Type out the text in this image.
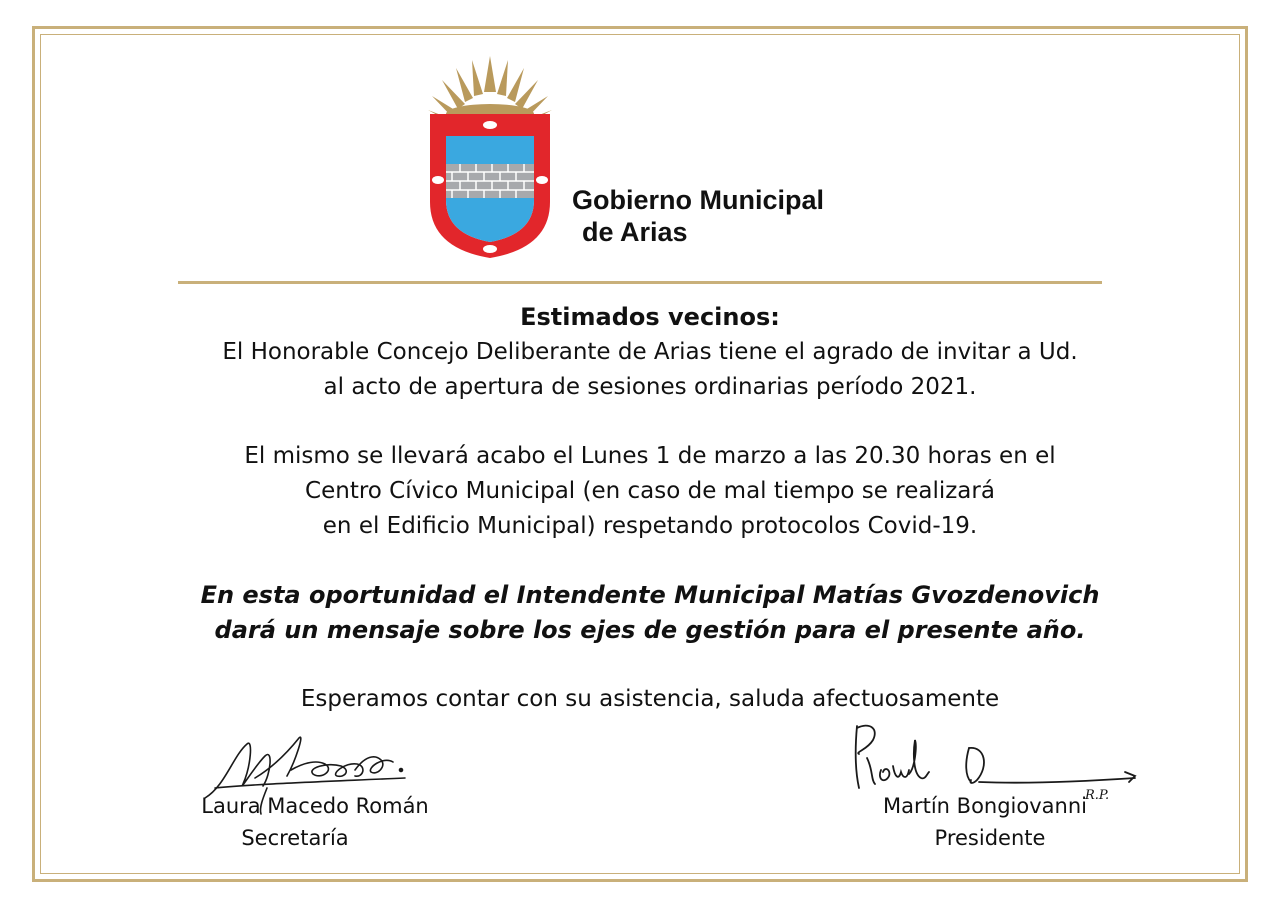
Gobierno Municipal

de Arias

Estimados vecinos:

El Honorable Concejo Deliberante de Arias tiene el agrado de invitar a Ud.
al acto de apertura de sesiones ordinarias período 2021.

El mismo se llevará acabo el Lunes 1 de marzo a las 20.30 horas en el
Centro Cívico Municipal (en caso de mal tiempo se realizará
en el Edificio Municipal) respetando protocolos Covid-19.

En esta oportunidad el Intendente Municipal Matías Gvozdenovich
dará un mensaje sobre los ejes de gestión para el presente año.

Esperamos contar con su asistencia, saluda afectuosamente

Laura Macedo Román
Secretaría
Martín Bongiovanni
Presidente
R.P.
